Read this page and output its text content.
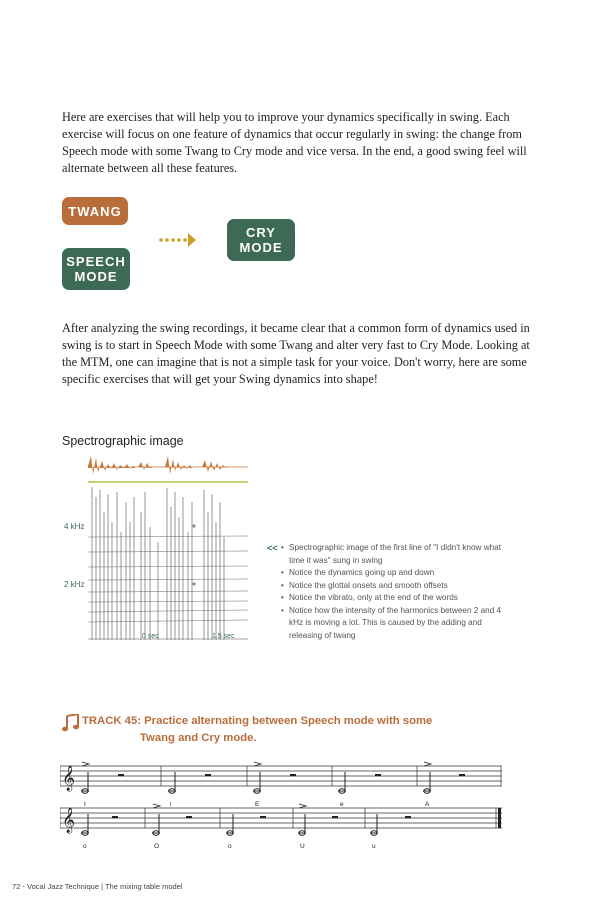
Here are exercises that will help you to improve your dynamics specifically in swing. Each exercise will focus on one feature of dynamics that occur regularly in swing: the change from Speech mode with some Twang to Cry mode and vice versa. In the end, a good swing feel will alternate between all these features.

TWANG
SPEECH
MODE
CRY
MODE

After analyzing the swing recordings, it became clear that a common form of dynamics used in swing is to start in Speech Mode with some Twang and alter very fast to Cry Mode. Looking at the MTM, one can imagine that is not a simple task for your voice. Don't worry, here are some specific exercises that will get your Swing dynamics into shape!

Spectrographic image
4 kHz
2 kHz
0 sec	1.5 sec
<<
•	Spectrographic image of the first line of "I didn't know what time it was" sung in swing
• Notice the dynamics going up and down
• Notice the glottal onsets and smooth offsets
• Notice the vibrato, only at the end of the words
• Notice how the intensity of the harmonics between 2 and 4 kHz is moving a lot. This is caused by the adding and releasing of twang
TRACK 45: Practice alternating between Speech mode with some
Twang and Cry mode.
𝄞
I	i	E	e	A
𝄞
o	O	o	U	u
72 - Vocal Jazz Technique | The mixing table model
